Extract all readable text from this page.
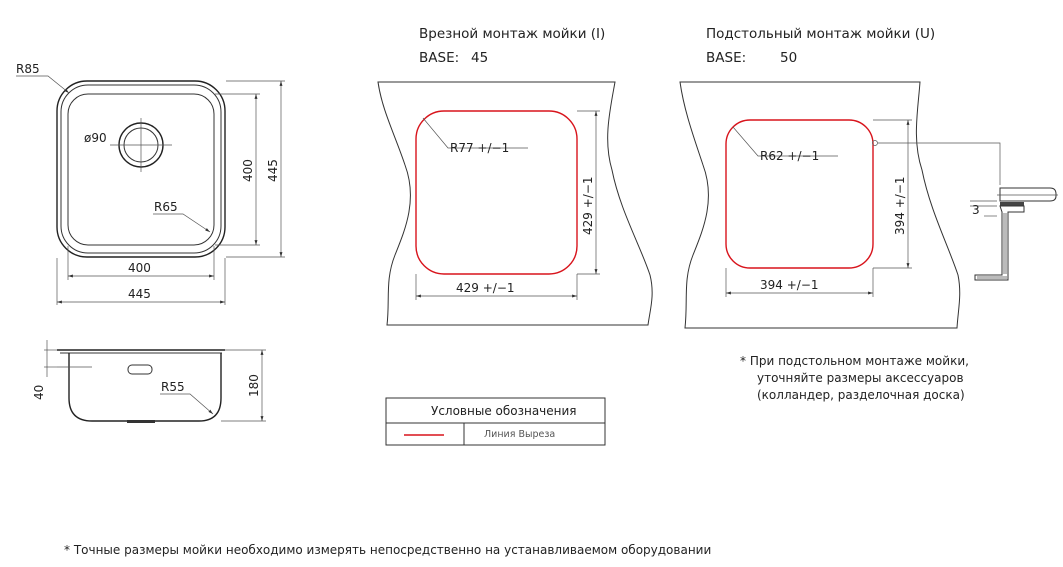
ø90
R85
R65
400
445
400 445
R55
40	180
Врезной монтаж мойки (I)
BASE: 45
R77 +/−1
429 +/−1
429 +/−1
Подстольный монтаж мойки (U)
BASE:	50
R62 +/−1
394 +/−1
394 +/−1
3
* При подстольном монтаже мойки,
уточняйте размеры аксессуаров
(колландер, разделочная доска)
Условные обозначения
Линия Выреза
* Точные размеры мойки необходимо измерять непосредственно на устанавливаемом оборудовании
